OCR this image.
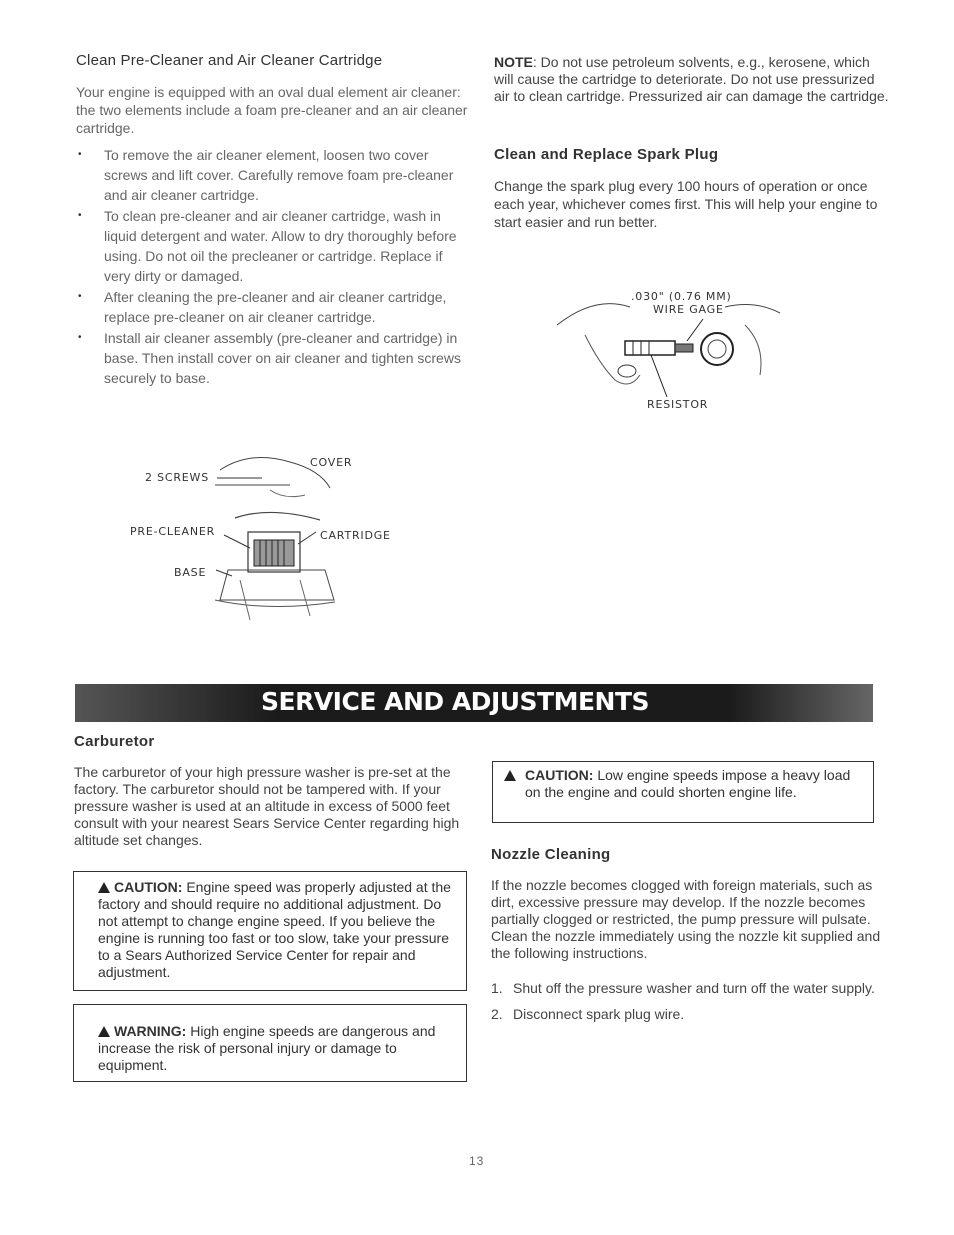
Clean Pre-Cleaner and Air Cleaner Cartridge

Your engine is equipped with an oval dual element air cleaner: the two elements include a foam pre-cleaner and an air cleaner cartridge.

• To remove the air cleaner element, loosen two cover screws and lift cover. Carefully remove foam pre-cleaner and air cleaner cartridge.
• To clean pre-cleaner and air cleaner cartridge, wash in liquid detergent and water. Allow to dry thoroughly before using. Do not oil the precleaner or cartridge. Replace if very dirty or damaged.
• After cleaning the pre-cleaner and air cleaner cartridge, replace pre-cleaner on air cleaner cartridge.
• Install air cleaner assembly (pre-cleaner and cartridge) in base. Then install cover on air cleaner and tighten screws securely to base.
COVER
2 SCREWS
PRE-CLEANER	CARTRIDGE
BASE

NOTE: Do not use petroleum solvents, e.g., kerosene, which will cause the cartridge to deteriorate. Do not use pressurized air to clean cartridge. Pressurized air can damage the cartridge.

Clean and Replace Spark Plug

Change the spark plug every 100 hours of operation or once each year, whichever comes first. This will help your engine to start easier and run better.

.030" (0.76 MM)
WIRE GAGE
RESISTOR
SERVICE AND ADJUSTMENTS
Carburetor

The carburetor of your high pressure washer is pre-set at the factory. The carburetor should not be tampered with. If your pressure washer is used at an altitude in excess of 5000 feet consult with your nearest Sears Service Center regarding high altitude set changes.

CAUTION: Engine speed was properly adjusted at the factory and should require no additional adjustment. Do not attempt to change engine speed. If you believe the engine is running too fast or too slow, take your pressure to a Sears Authorized Service Center for repair and adjustment.
WARNING: High engine speeds are dangerous and increase the risk of personal injury or damage to equipment.
CAUTION: Low engine speeds impose a heavy load on the engine and could shorten engine life.
Nozzle Cleaning

If the nozzle becomes clogged with foreign materials, such as dirt, excessive pressure may develop. If the nozzle becomes partially clogged or restricted, the pump pressure will pulsate. Clean the nozzle immediately using the nozzle kit supplied and the following instructions.

1. Shut off the pressure washer and turn off the water supply.
2. Disconnect spark plug wire.
13
